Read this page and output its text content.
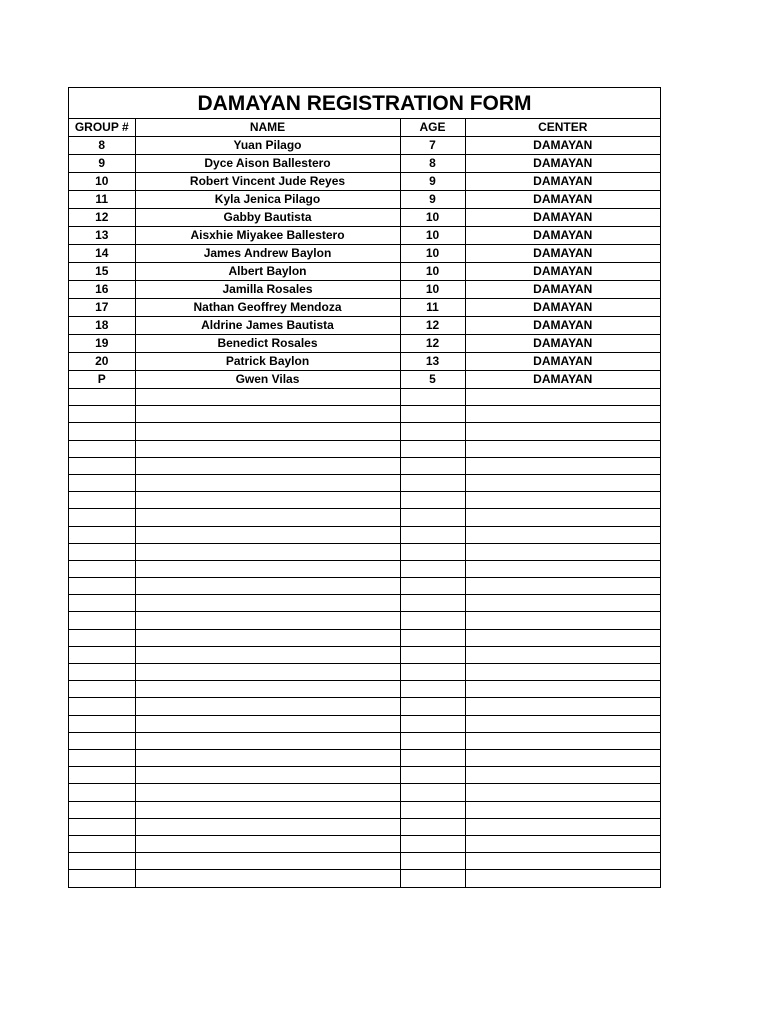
DAMAYAN REGISTRATION FORM
GROUP #	NAME	AGE	CENTER
8	Yuan Pilago	7	DAMAYAN
9	Dyce Aison Ballestero	8	DAMAYAN
10	Robert Vincent Jude Reyes	9	DAMAYAN
11	Kyla Jenica Pilago	9	DAMAYAN
12	Gabby Bautista	10	DAMAYAN
13	Aisxhie Miyakee Ballestero	10	DAMAYAN
14	James Andrew Baylon	10	DAMAYAN
15	Albert Baylon	10	DAMAYAN
16	Jamilla Rosales	10	DAMAYAN
17	Nathan Geoffrey Mendoza	11	DAMAYAN
18	Aldrine James Bautista	12	DAMAYAN
19	Benedict Rosales	12	DAMAYAN
20	Patrick Baylon	13	DAMAYAN
P	Gwen Vilas	5	DAMAYAN
